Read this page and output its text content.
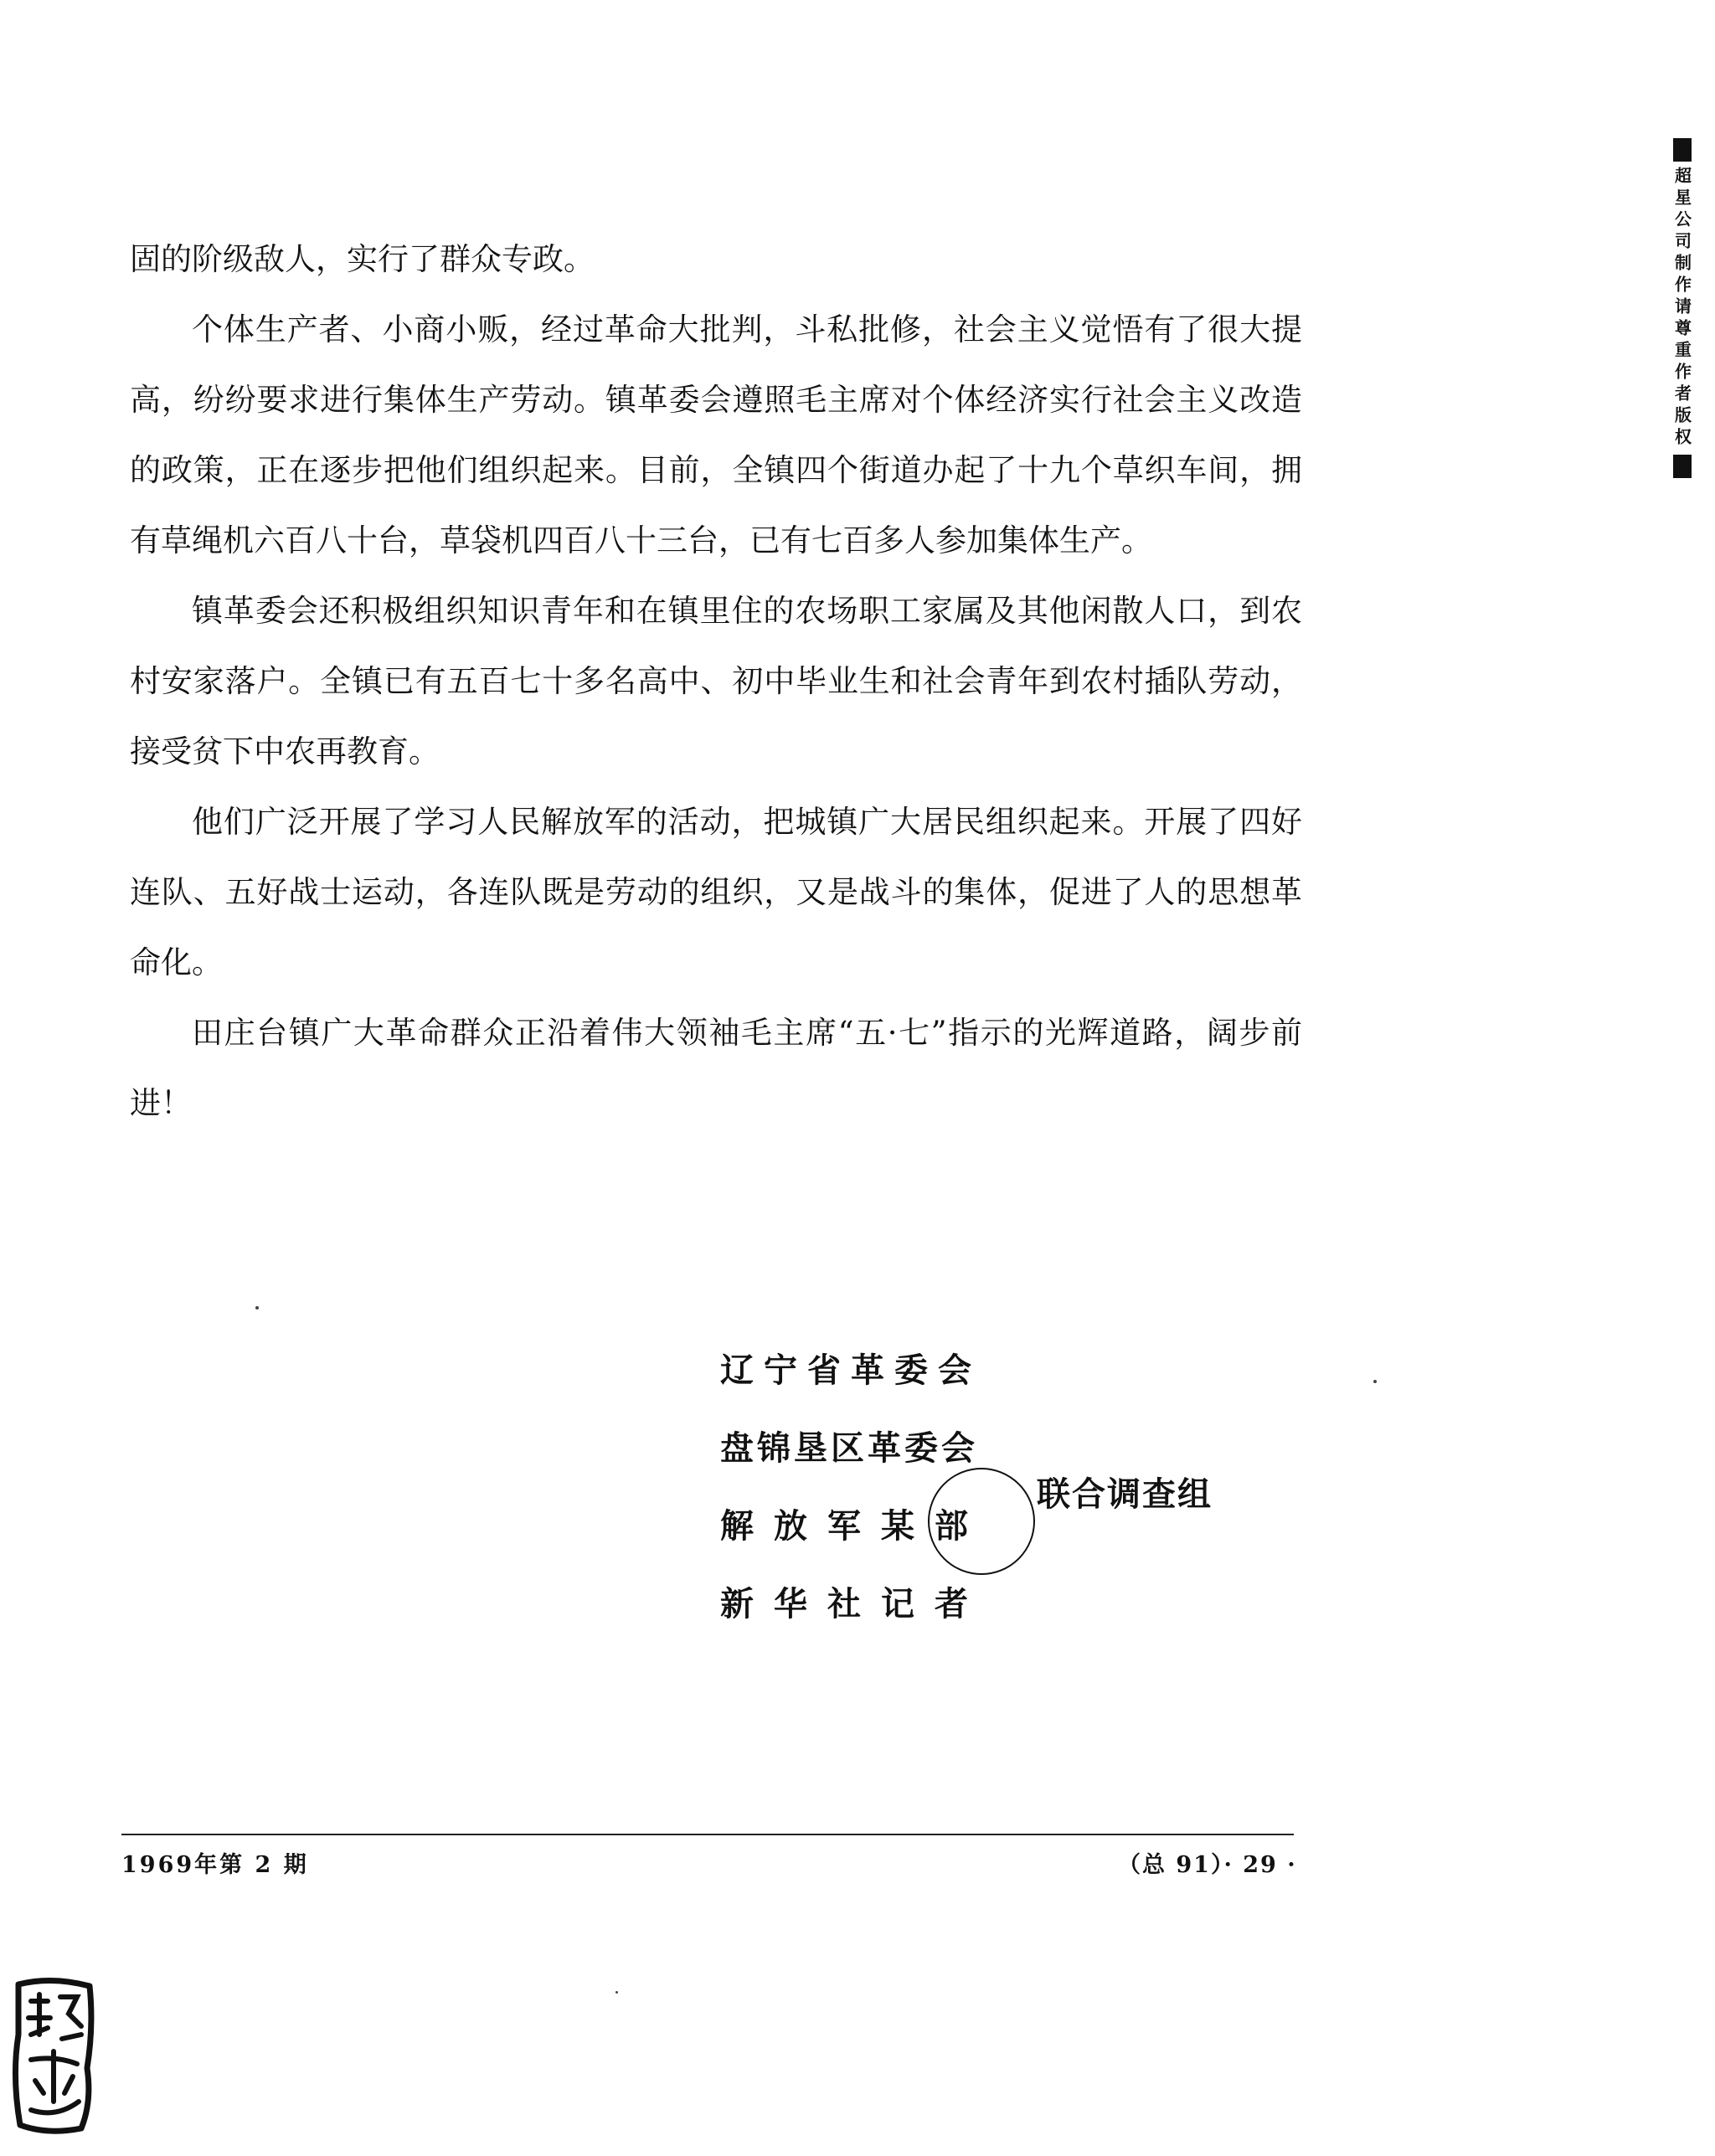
超星公司制作请尊重作者版权

固的阶级敌人，实行了群众专政。

个体生产者、小商小贩，经过革命大批判，斗私批修，社会主义觉悟有了很大提高，纷纷要求进行集体生产劳动。镇革委会遵照毛主席对个体经济实行社会主义改造的政策，正在逐步把他们组织起来。目前，全镇四个街道办起了十九个草织车间，拥有草绳机六百八十台，草袋机四百八十三台，已有七百多人参加集体生产。

镇革委会还积极组织知识青年和在镇里住的农场职工家属及其他闲散人口，到农村安家落户。全镇已有五百七十多名高中、初中毕业生和社会青年到农村插队劳动，接受贫下中农再教育。

他们广泛开展了学习人民解放军的活动，把城镇广大居民组织起来。开展了四好连队、五好战士运动，各连队既是劳动的组织，又是战斗的集体，促进了人的思想革命化。

田庄台镇广大革命群众正沿着伟大领袖毛主席“五·七”指示的光辉道路，阔步前进！

辽宁省革委会
盘锦垦区革委会
解放军某部
新华社记者
联合调查组
1969年第 2 期	（总 91）· 29 ·
